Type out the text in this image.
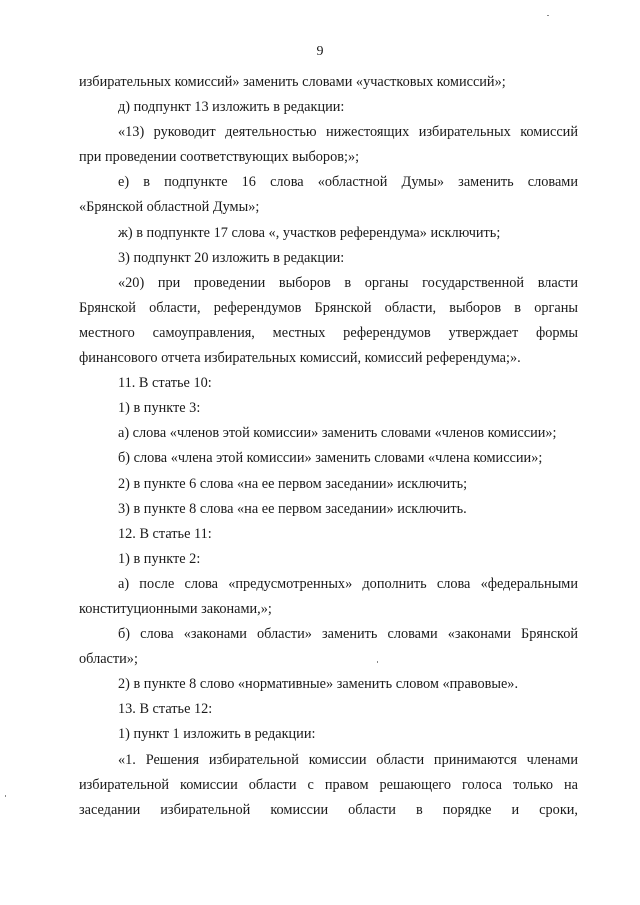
9
избирательных комиссий» заменить словами «участковых комиссий»;
д) подпункт 13 изложить в редакции:
«13) руководит деятельностью нижестоящих избирательных комиссий
при проведении соответствующих выборов;»;
е) в подпункте 16 слова «областной Думы» заменить словами
«Брянской областной Думы»;
ж) в подпункте 17 слова «, участков референдума» исключить;
3) подпункт 20 изложить в редакции:
«20) при проведении выборов в органы государственной власти
Брянской области, референдумов Брянской области, выборов в органы
местного самоуправления, местных референдумов утверждает формы
финансового отчета избирательных комиссий, комиссий референдума;».
11. В статье 10:
1) в пункте 3:
а) слова «членов этой комиссии» заменить словами «членов комиссии»;
б) слова «члена этой комиссии» заменить словами «члена комиссии»;
2) в пункте 6 слова «на ее первом заседании» исключить;
3) в пункте 8 слова «на ее первом заседании» исключить.
12. В статье 11:
1) в пункте 2:
а) после слова «предусмотренных» дополнить слова «федеральными
конституционными законами,»;
б) слова «законами области» заменить словами «законами Брянской
области»;
2) в пункте 8 слово «нормативные» заменить словом «правовые».
13. В статье 12:
1) пункт 1 изложить в редакции:
«1. Решения избирательной комиссии области принимаются членами
избирательной комиссии области с правом решающего голоса только на
заседании избирательной комиссии области в порядке и сроки,
